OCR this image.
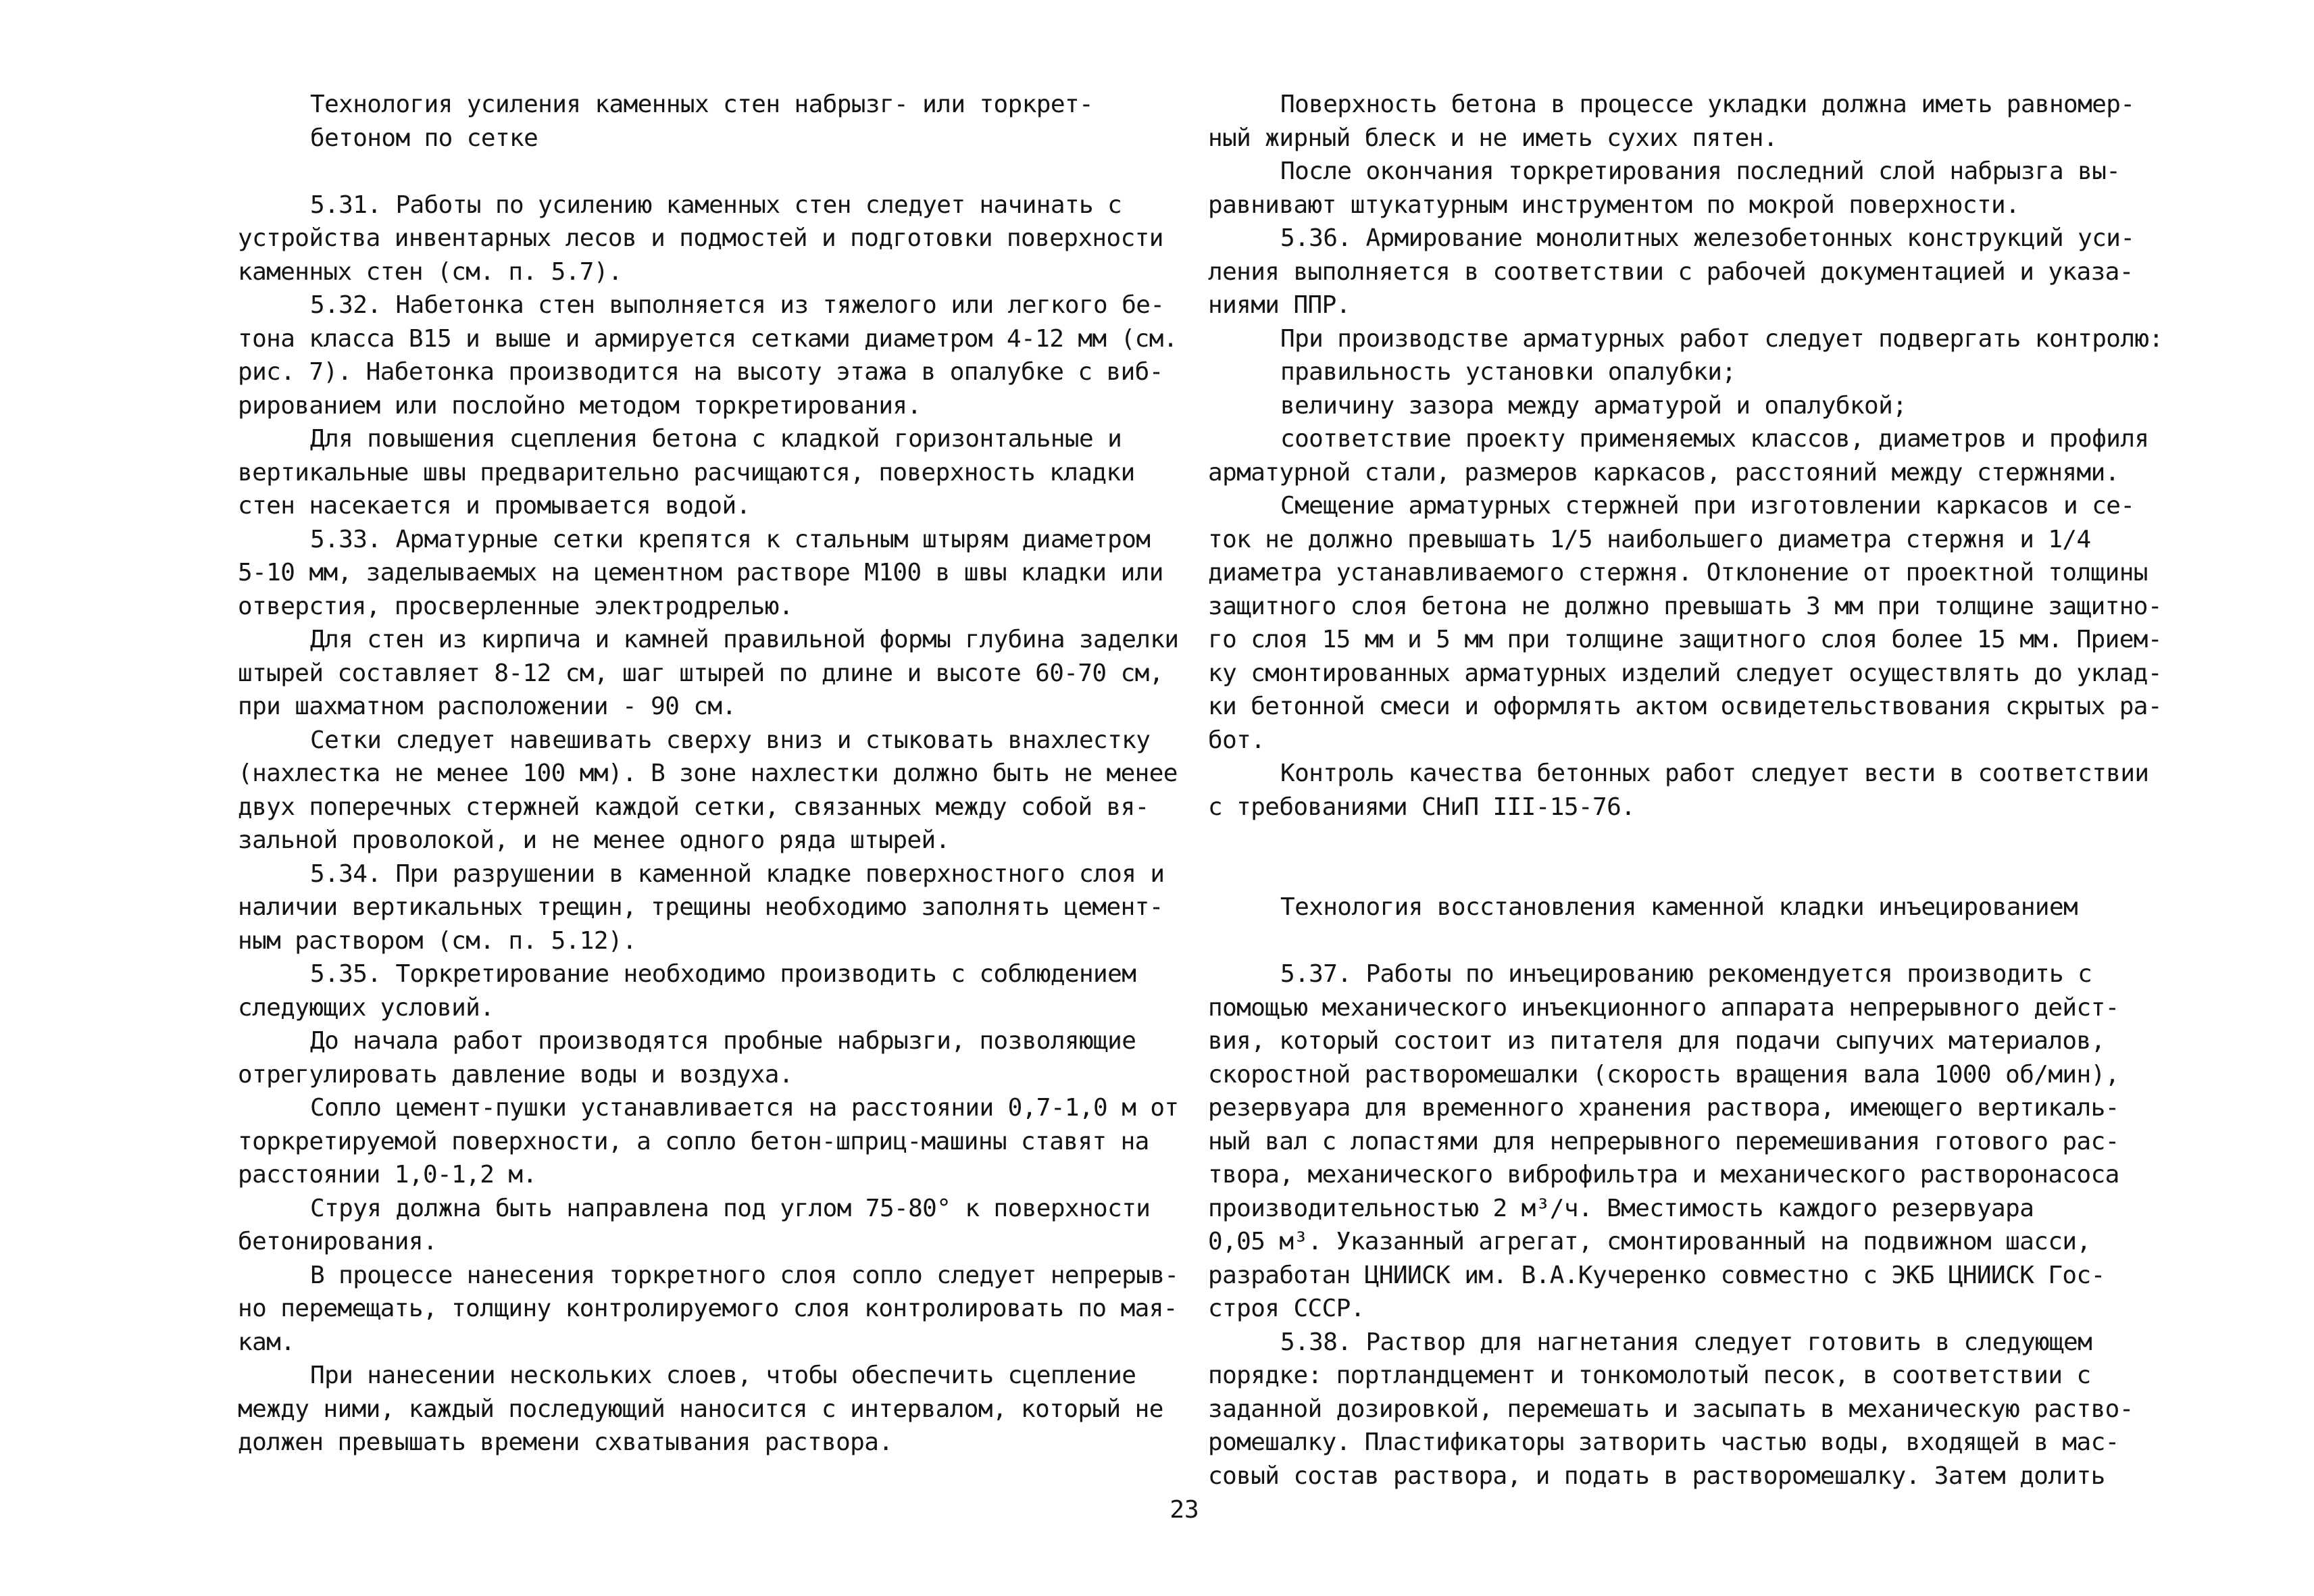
Технология усиления каменных стен набрызг- или торкрет-
бетоном по сетке
5.31. Работы по усилению каменных стен следует начинать с
устройства инвентарных лесов и подмостей и подготовки поверхности
каменных стен (см. п. 5.7).
5.32. Набетонка стен выполняется из тяжелого или легкого бе-
тона класса B15 и выше и армируется сетками диаметром 4-12 мм (см.
рис. 7). Набетонка производится на высоту этажа в опалубке с виб-
рированием или послойно методом торкретирования.
Для повышения сцепления бетона с кладкой горизонтальные и
вертикальные швы предварительно расчищаются, поверхность кладки
стен насекается и промывается водой.
5.33. Арматурные сетки крепятся к стальным штырям диаметром
5-10 мм, заделываемых на цементном растворе М100 в швы кладки или
отверстия, просверленные электродрелью.
Для стен из кирпича и камней правильной формы глубина заделки
штырей составляет 8-12 см, шаг штырей по длине и высоте 60-70 см,
при шахматном расположении - 90 см.
Сетки следует навешивать сверху вниз и стыковать внахлестку
(нахлестка не менее 100 мм). В зоне нахлестки должно быть не менее
двух поперечных стержней каждой сетки, связанных между собой вя-
зальной проволокой, и не менее одного ряда штырей.
5.34. При разрушении в каменной кладке поверхностного слоя и
наличии вертикальных трещин, трещины необходимо заполнять цемент-
ным раствором (см. п. 5.12).
5.35. Торкретирование необходимо производить с соблюдением
следующих условий.
До начала работ производятся пробные набрызги, позволяющие
отрегулировать давление воды и воздуха.
Сопло цемент-пушки устанавливается на расстоянии 0,7-1,0 м от
торкретируемой поверхности, а сопло бетон-шприц-машины ставят на
расстоянии 1,0-1,2 м.
Струя должна быть направлена под углом 75-80° к поверхности
бетонирования.
В процессе нанесения торкретного слоя сопло следует непрерыв-
но перемещать, толщину контролируемого слоя контролировать по мая-
кам.
При нанесении нескольких слоев, чтобы обеспечить сцепление
между ними, каждый последующий наносится с интервалом, который не
должен превышать времени схватывания раствора.
Поверхность бетона в процессе укладки должна иметь равномер-
ный жирный блеск и не иметь сухих пятен.
После окончания торкретирования последний слой набрызга вы-
равнивают штукатурным инструментом по мокрой поверхности.
5.36. Армирование монолитных железобетонных конструкций уси-
ления выполняется в соответствии с рабочей документацией и указа-
ниями ППР.
При производстве арматурных работ следует подвергать контролю:
правильность установки опалубки;
величину зазора между арматурой и опалубкой;
соответствие проекту применяемых классов, диаметров и профиля
арматурной стали, размеров каркасов, расстояний между стержнями.
Смещение арматурных стержней при изготовлении каркасов и се-
ток не должно превышать 1/5 наибольшего диаметра стержня и 1/4
диаметра устанавливаемого стержня. Отклонение от проектной толщины
защитного слоя бетона не должно превышать 3 мм при толщине защитно-
го слоя 15 мм и 5 мм при толщине защитного слоя более 15 мм. Прием-
ку смонтированных арматурных изделий следует осуществлять до уклад-
ки бетонной смеси и оформлять актом освидетельствования скрытых ра-
бот.
Контроль качества бетонных работ следует вести в соответствии
с требованиями СНиП III-15-76.
Технология восстановления каменной кладки инъецированием
5.37. Работы по инъецированию рекомендуется производить с
помощью механического инъекционного аппарата непрерывного дейст-
вия, который состоит из питателя для подачи сыпучих материалов,
скоростной растворомешалки (скорость вращения вала 1000 об/мин),
резервуара для временного хранения раствора, имеющего вертикаль-
ный вал с лопастями для непрерывного перемешивания готового рас-
твора, механического виброфильтра и механического растворонасоса
производительностью 2 м³/ч. Вместимость каждого резервуара
0,05 м³. Указанный агрегат, смонтированный на подвижном шасси,
разработан ЦНИИСК им. В.А.Кучеренко совместно с ЭКБ ЦНИИСК Гос-
строя СССР.
5.38. Раствор для нагнетания следует готовить в следующем
порядке: портландцемент и тонкомолотый песок, в соответствии с
заданной дозировкой, перемешать и засыпать в механическую раство-
ромешалку. Пластификаторы затворить частью воды, входящей в мас-
совый состав раствора, и подать в растворомешалку. Затем долить
23
